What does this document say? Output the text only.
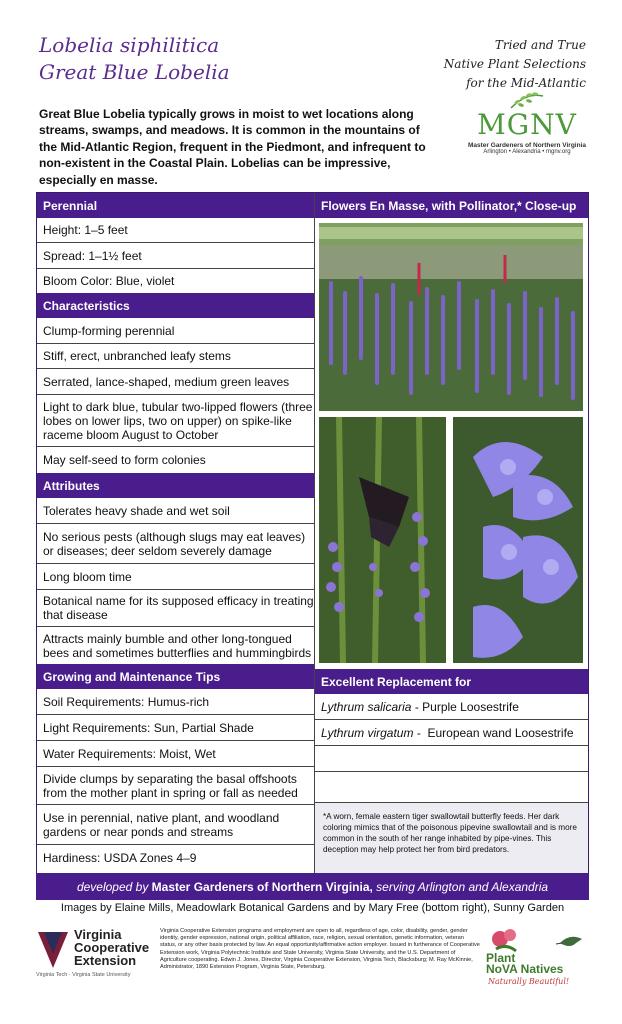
Lobelia siphilitica
Great Blue Lobelia
Tried and True
Native Plant Selections
for the Mid-Atlantic
MGNV
Master Gardeners of Northern Virginia
Arlington • Alexandria • mgnv.org
Great Blue Lobelia typically grows in moist to wet locations along streams, swamps, and meadows. It is common in the mountains of the Mid-Atlantic Region, frequent in the Piedmont, and infrequent to non-existent in the Coastal Plain. Lobelias can be impressive, especially en masse.
Perennial
Height: 1–5 feet
Spread: 1–1½ feet
Bloom Color: Blue, violet
Characteristics
Clump-forming perennial
Stiff, erect, unbranched leafy stems
Serrated, lance-shaped, medium green leaves
Light to dark blue, tubular two-lipped flowers (three lobes on lower lips, two on upper) on spike-like raceme bloom August to October
May self-seed to form colonies
Attributes
Tolerates heavy shade and wet soil
No serious pests (although slugs may eat leaves) or diseases; deer seldom severely damage
Long bloom time
Botanical name for its supposed efficacy in treating that disease
Attracts mainly bumble and other long-tongued bees and sometimes butterflies and hummingbirds
Growing and Maintenance Tips
Soil Requirements: Humus-rich
Light Requirements: Sun, Partial Shade
Water Requirements: Moist, Wet
Divide clumps by separating the basal offshoots from the mother plant in spring or fall as needed
Use in perennial, native plant, and woodland gardens or near ponds and streams
Hardiness: USDA Zones 4–9
Flowers En Masse, with Pollinator,* Close-up
Excellent Replacement for
Lythrum salicaria - Purple Loosestrife
Lythrum virgatum -  European wand Loosestrife
*A worn, female eastern tiger swallowtail butterfly feeds. Her dark coloring mimics that of the poisonous pipevine swallowtail and is more common in the south of her range inhabited by pipe-vines. This deception may help protect her from bird predators.
developed by Master Gardeners of Northern Virginia, serving Arlington and Alexandria
Images by Elaine Mills, Meadowlark Botanical Gardens and by Mary Free (bottom right), Sunny Garden
Virginia
Cooperative
Extension
Virginia Tech · Virginia State University
Virginia Cooperative Extension programs and employment are open to all, regardless of age, color, disability, gender, gender identity, gender expression, national origin, political affiliation, race, religion, sexual orientation, genetic information, veteran status, or any other basis protected by law. An equal opportunity/affirmative action employer. Issued in furtherance of Cooperative Extension work, Virginia Polytechnic Institute and State University, Virginia State University, and the U.S. Department of Agriculture cooperating. Edwin J. Jones, Director, Virginia Cooperative Extension, Virginia Tech, Blacksburg; M. Ray McKinnie, Administrator, 1890 Extension Program, Virginia State, Petersburg.
Plant
NoVA Natives
Naturally Beautiful!
